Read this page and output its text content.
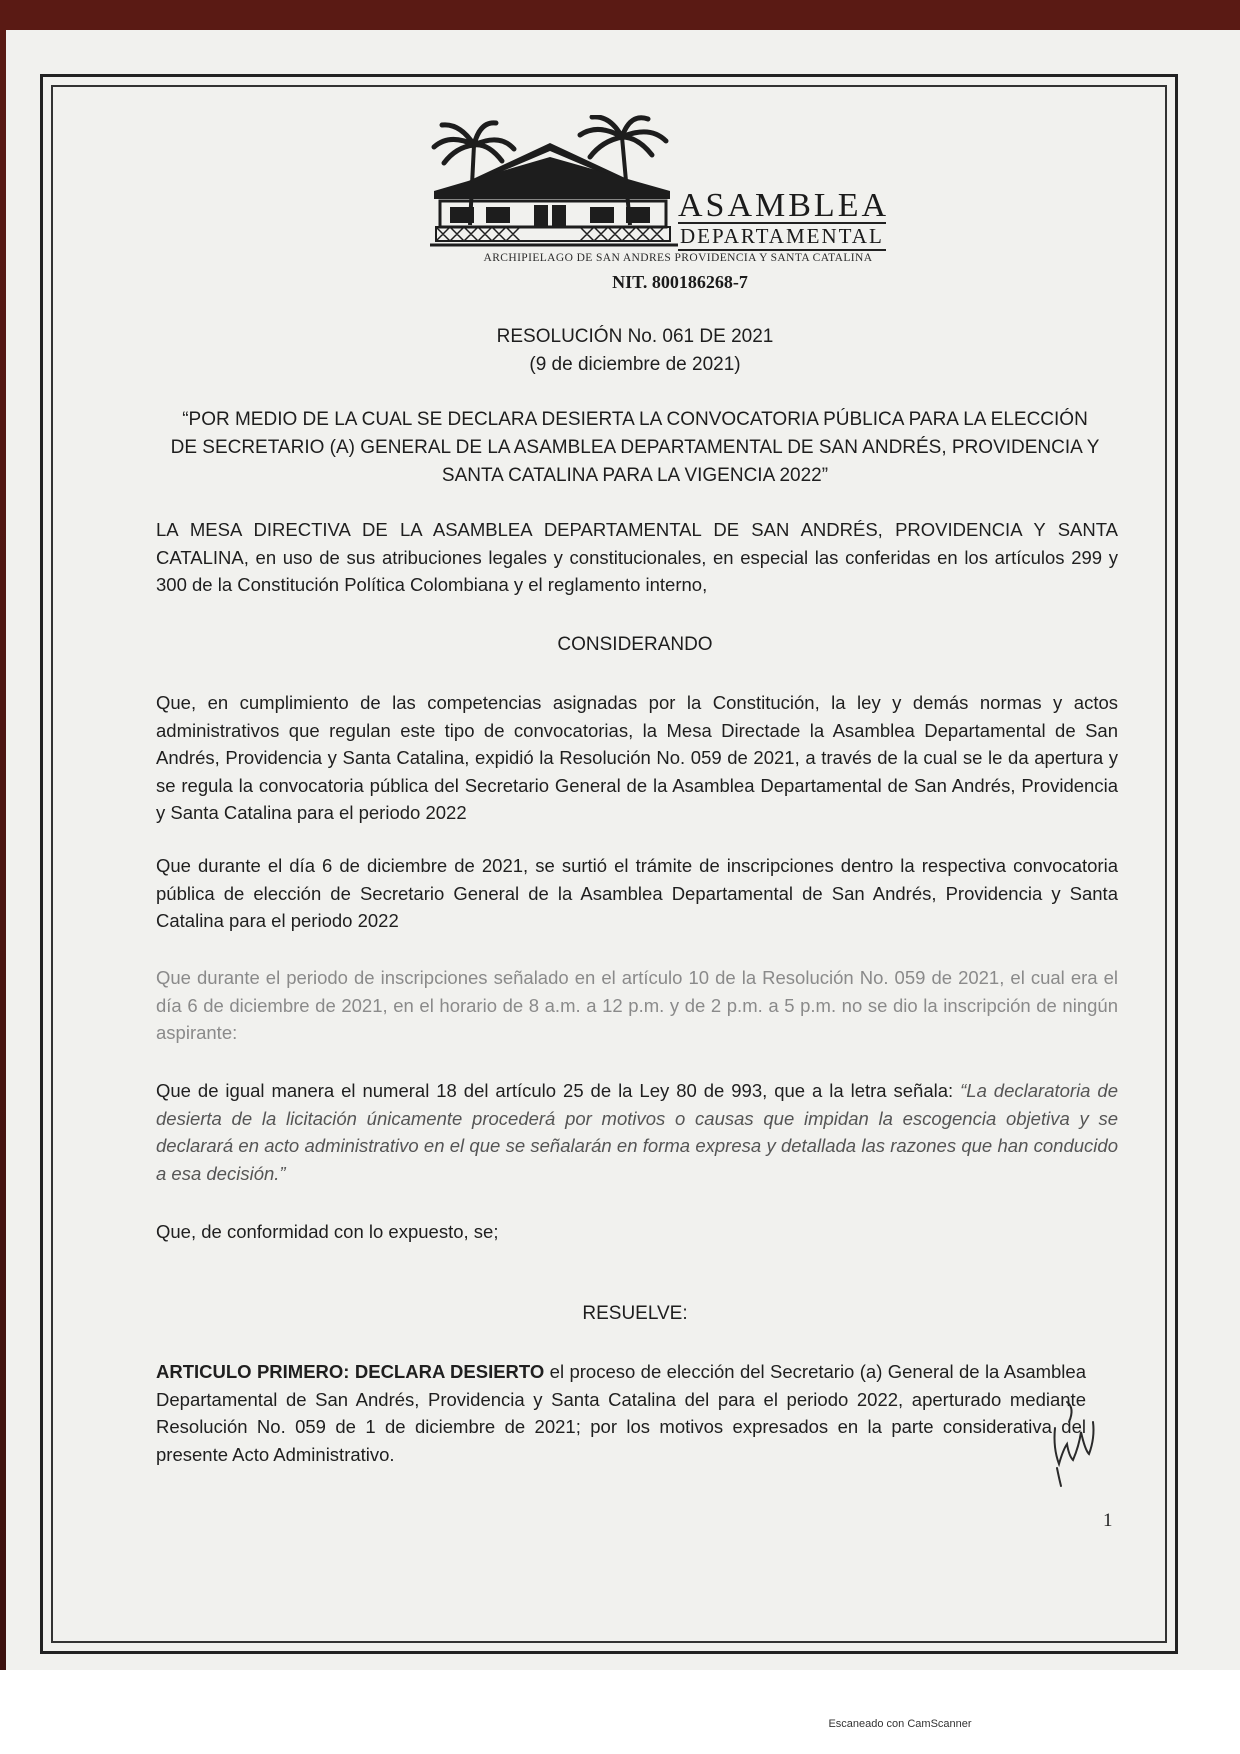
ASAMBLEA
DEPARTAMENTAL
ARCHIPIELAGO DE SAN ANDRES PROVIDENCIA Y SANTA CATALINA
NIT. 800186268-7
RESOLUCIÓN No. 061 DE 2021
(9 de diciembre de 2021)
“POR MEDIO DE LA CUAL SE DECLARA DESIERTA LA CONVOCATORIA PÚBLICA PARA LA ELECCIÓN DE SECRETARIO (A) GENERAL DE LA ASAMBLEA DEPARTAMENTAL DE SAN ANDRÉS, PROVIDENCIA Y SANTA CATALINA PARA LA VIGENCIA 2022”
LA MESA DIRECTIVA DE LA ASAMBLEA DEPARTAMENTAL DE SAN ANDRÉS, PROVIDENCIA Y SANTA CATALINA, en uso de sus atribuciones legales y constitucionales, en especial las conferidas en los artículos 299 y 300 de la Constitución Política Colombiana y el reglamento interno,
CONSIDERANDO
Que, en cumplimiento de las competencias asignadas por la Constitución, la ley y demás normas y actos administrativos que regulan este tipo de convocatorias, la Mesa Directade la Asamblea Departamental de San Andrés, Providencia y Santa Catalina, expidió la Resolución No. 059 de 2021, a través de la cual se le da apertura y se regula la convocatoria pública del Secretario General de la Asamblea Departamental de San Andrés, Providencia y Santa Catalina para el periodo 2022
Que durante el día 6 de diciembre de 2021, se surtió el trámite de inscripciones dentro la respectiva convocatoria pública de elección de Secretario General de la Asamblea Departamental de San Andrés, Providencia y Santa Catalina para el periodo 2022
Que durante el periodo de inscripciones señalado en el artículo 10 de la Resolución No. 059 de 2021, el cual era el día 6 de diciembre de 2021, en el horario de 8 a.m. a 12 p.m. y de 2 p.m. a 5 p.m. no se dio la inscripción de ningún aspirante:
Que de igual manera el numeral 18 del artículo 25 de la Ley 80 de 993, que a la letra señala: “La declaratoria de desierta de la licitación únicamente procederá por motivos o causas que impidan la escogencia objetiva y se declarará en acto administrativo en el que se señalarán en forma expresa y detallada las razones que han conducido a esa decisión.”
Que, de conformidad con lo expuesto, se;
RESUELVE:
ARTICULO PRIMERO: DECLARA DESIERTO el proceso de elección del Secretario (a) General de la Asamblea Departamental de San Andrés, Providencia y Santa Catalina del para el periodo 2022, aperturado mediante Resolución No. 059 de 1 de diciembre de 2021; por los motivos expresados en la parte considerativa del presente Acto Administrativo.
1
Escaneado con CamScanner
